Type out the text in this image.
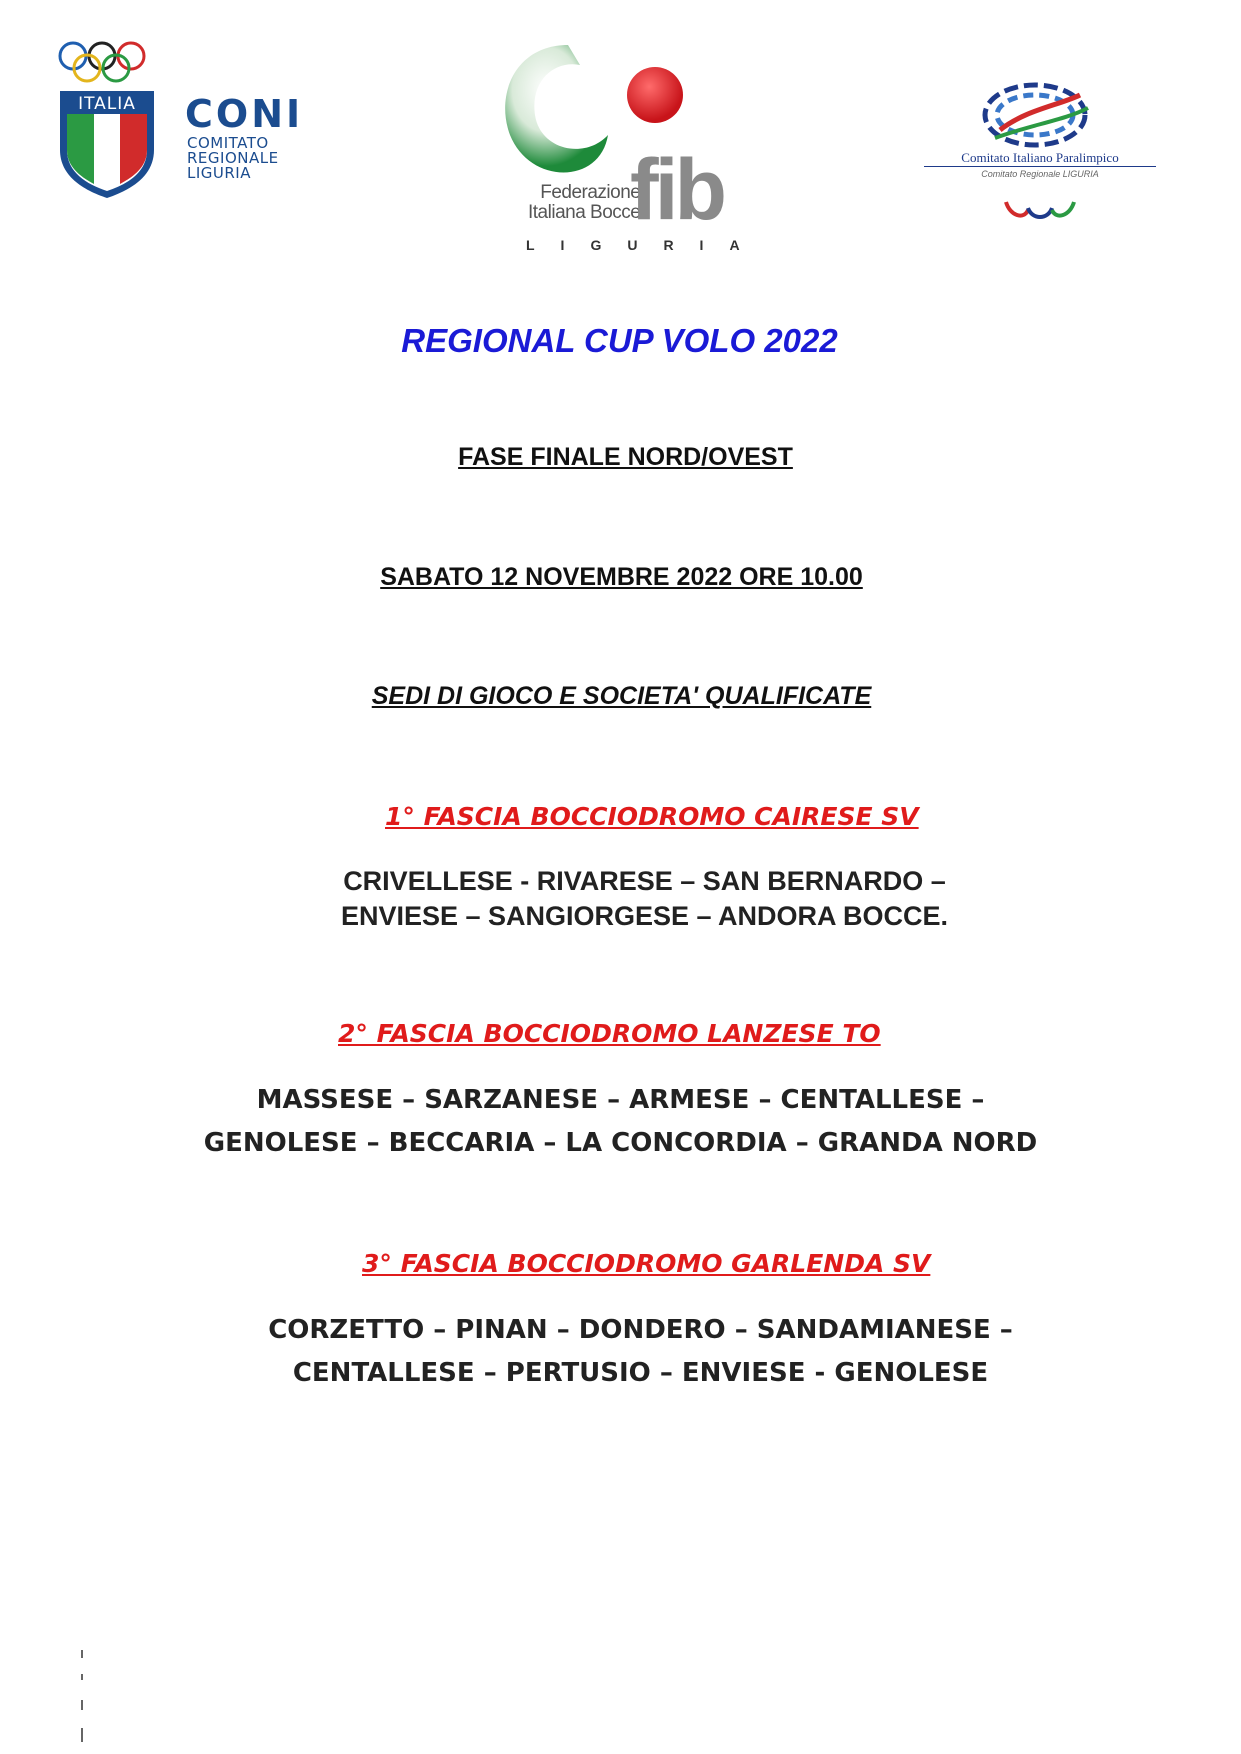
ITALIA	CONI
COMITATO
REGIONALE
LIGURIA
Federazione
Italiana Bocce
fib
LIGURIA
Comitato Italiano Paralimpico
Comitato Regionale LIGURIA
REGIONAL CUP VOLO 2022
FASE FINALE NORD/OVEST
SABATO 12 NOVEMBRE 2022 ORE 10.00
SEDI DI GIOCO E SOCIETA' QUALIFICATE
1° FASCIA BOCCIODROMO CAIRESE SV
CRIVELLESE - RIVARESE – SAN BERNARDO –
ENVIESE – SANGIORGESE – ANDORA BOCCE.
2° FASCIA BOCCIODROMO LANZESE TO
MASSESE – SARZANESE – ARMESE – CENTALLESE –
GENOLESE – BECCARIA – LA CONCORDIA – GRANDA NORD
3° FASCIA BOCCIODROMO GARLENDA SV
CORZETTO – PINAN – DONDERO – SANDAMIANESE –
CENTALLESE – PERTUSIO – ENVIESE - GENOLESE
